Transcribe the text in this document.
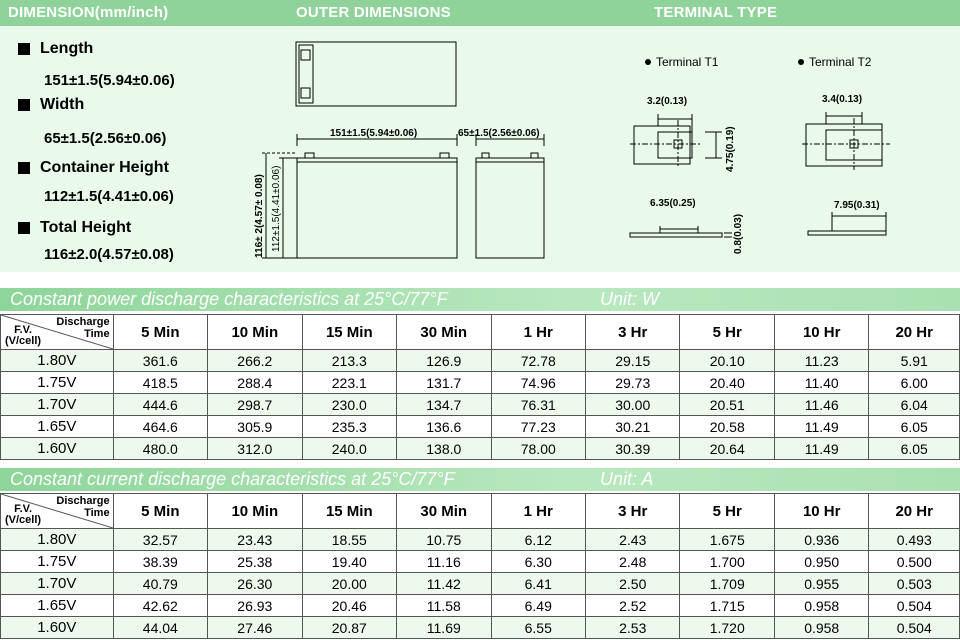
DIMENSION(mm/inch)	OUTER DIMENSIONS	TERMINAL TYPE
Length
151±1.5(5.94±0.06)
Width
65±1.5(2.56±0.06)
Container Height
112±1.5(4.41±0.06)
Total Height
116±2.0(4.57±0.08)
151±1.5(5.94±0.06)	65±1.5(2.56±0.06)
116± 2(4.57± 0.08) 112±1.5(4.41±0.06)
Terminal T1	Terminal T2
3.2(0.13)
4.75(0.19)
6.35(0.25)
0.8(0.03)
3.4(0.13)
7.95(0.31)
Constant power discharge characteristics at 25°C/77°F	Unit: W
Discharge
Time
F.V.
(V/cell)	5 Min	10 Min	15 Min	30 Min	1 Hr	3 Hr	5 Hr	10 Hr	20 Hr
1.80V	361.6	266.2	213.3	126.9	72.78	29.15	20.10	11.23	5.91
1.75V	418.5	288.4	223.1	131.7	74.96	29.73	20.40	11.40	6.00
1.70V	444.6	298.7	230.0	134.7	76.31	30.00	20.51	11.46	6.04
1.65V	464.6	305.9	235.3	136.6	77.23	30.21	20.58	11.49	6.05
1.60V	480.0	312.0	240.0	138.0	78.00	30.39	20.64	11.49	6.05
Constant current discharge characteristics at 25°C/77°F	Unit: A
Discharge
Time
F.V.
(V/cell)	5 Min	10 Min	15 Min	30 Min	1 Hr	3 Hr	5 Hr	10 Hr	20 Hr
1.80V	32.57	23.43	18.55	10.75	6.12	2.43	1.675	0.936	0.493
1.75V	38.39	25.38	19.40	11.16	6.30	2.48	1.700	0.950	0.500
1.70V	40.79	26.30	20.00	11.42	6.41	2.50	1.709	0.955	0.503
1.65V	42.62	26.93	20.46	11.58	6.49	2.52	1.715	0.958	0.504
1.60V	44.04	27.46	20.87	11.69	6.55	2.53	1.720	0.958	0.504
